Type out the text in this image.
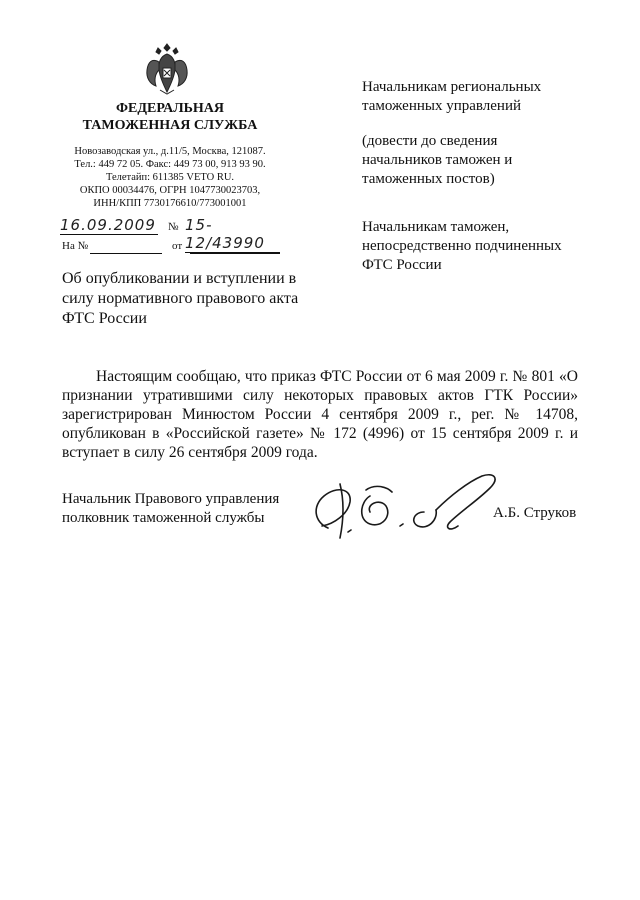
ФЕДЕРАЛЬНАЯ
ТАМОЖЕННАЯ СЛУЖБА
Новозаводская ул., д.11/5, Москва, 121087.
Тел.: 449 72 05. Факс: 449 73 00, 913 93 90.
Телетайп: 611385 VETO RU.
ОКПО 00034476, ОГРН 1047730023703,
ИНН/КПП 7730176610/773001001
16.09.2009 № 15-12/43990
На №	от
Об опубликовании и вступлении в
силу нормативного правового акта
ФТС России
Начальникам региональных
таможенных управлений
(довести до сведения
начальников таможен и
таможенных постов)
Начальникам таможен,
непосредственно подчиненных
ФТС России

Настоящим сообщаю, что приказ ФТС России от 6 мая 2009 г. № 801 «О признании утратившими силу некоторых правовых актов ГТК России» зарегистрирован Минюстом России 4 сентября 2009 г., рег. № 14708, опубликован в «Российской газете» № 172 (4996) от 15 сентября 2009 г. и вступает в силу 26 сентября 2009 года.

Начальник Правового управления
полковник таможенной службы	А.Б. Струков
